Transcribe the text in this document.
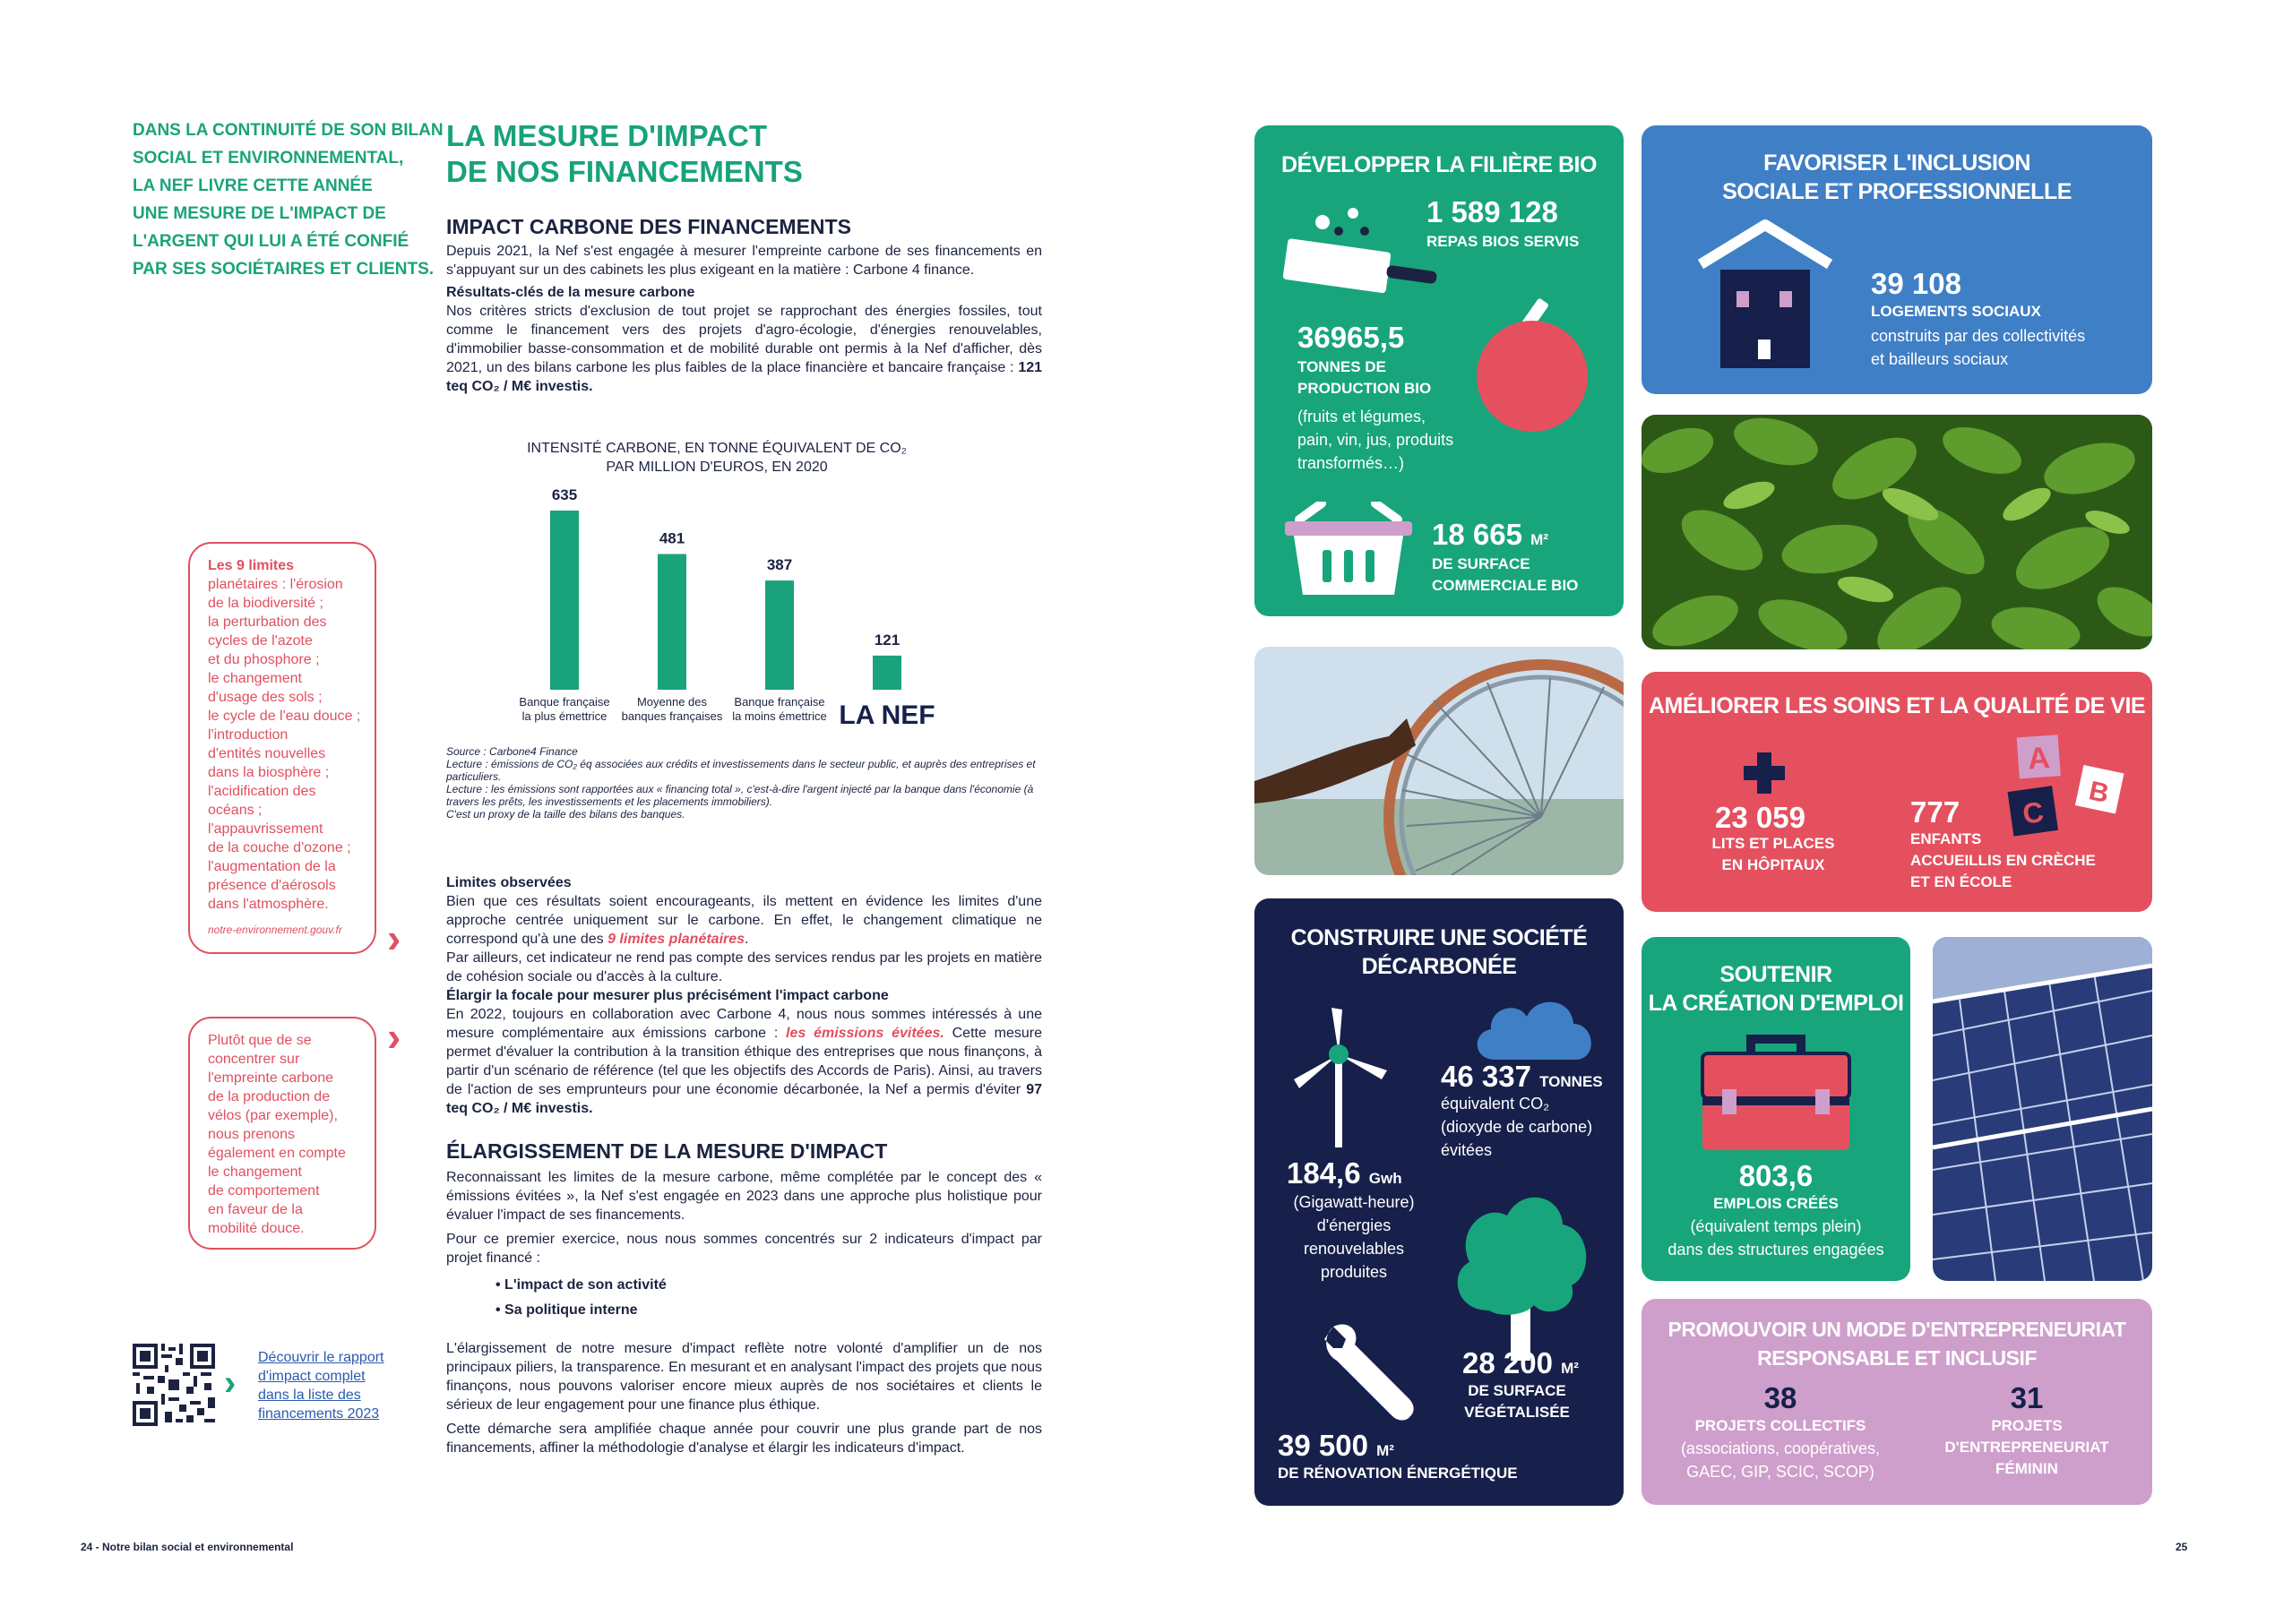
DANS LA CONTINUITÉ DE SON BILAN
SOCIAL ET ENVIRONNEMENTAL,
LA NEF LIVRE CETTE ANNÉE
UNE MESURE DE L'IMPACT DE
L'ARGENT QUI LUI A ÉTÉ CONFIÉ
PAR SES SOCIÉTAIRES ET CLIENTS.
LA MESURE D'IMPACT
DE NOS FINANCEMENTS
IMPACT CARBONE DES FINANCEMENTS

Depuis 2021, la Nef s'est engagée à mesurer l'empreinte carbone de ses financements en s'appuyant sur un des cabinets les plus exigeant en la matière : Carbone 4 finance.

Résultats-clés de la mesure carbone

Nos critères stricts d'exclusion de tout projet se rapprochant des énergies fossiles, tout comme le financement vers des projets d'agro-écologie, d'énergies renouvelables, d'immobilier basse-consommation et de mobilité durable ont permis à la Nef d'afficher, dès 2021, un des bilans carbone les plus faibles de la place financière et bancaire française : 121 teq CO₂ / M€ investis.

INTENSITÉ CARBONE, EN TONNE ÉQUIVALENT DE CO₂
PAR MILLION D'EUROS, EN 2020
635
Banque française
la plus émettrice
481
Moyenne des
banques françaises
387
Banque française
la moins émettrice
121
LA NEF
Source : Carbone4 Finance
Lecture : émissions de CO₂ éq associées aux crédits et investissements dans le secteur public, et auprès des entreprises et particuliers.
Lecture : les émissions sont rapportées aux « financing total », c'est-à-dire l'argent injecté par la banque dans l'économie (à travers les prêts, les investissements et les placements immobiliers).
C'est un proxy de la taille des bilans des banques.
Limites observées

Bien que ces résultats soient encourageants, ils mettent en évidence les limites d'une approche centrée uniquement sur le carbone. En effet, le changement climatique ne correspond qu'à une des 9 limites planétaires.

Par ailleurs, cet indicateur ne rend pas compte des services rendus par les projets en matière de cohésion sociale ou d'accès à la culture.

Élargir la focale pour mesurer plus précisément l'impact carbone

En 2022, toujours en collaboration avec Carbone 4, nous nous sommes intéressés à une mesure complémentaire aux émissions carbone : les émissions évitées. Cette mesure permet d'évaluer la contribution à la transition éthique des entreprises que nous finançons, à partir d'un scénario de référence (tel que les objectifs des Accords de Paris). Ainsi, au travers de l'action de ses emprunteurs pour une économie décarbonée, la Nef a permis d'éviter 97 teq CO₂ / M€ investis.

ÉLARGISSEMENT DE LA MESURE D'IMPACT

Reconnaissant les limites de la mesure carbone, même complétée par le concept des « émissions évitées », la Nef s'est engagée en 2023 dans une approche plus holistique pour évaluer l'impact de ses financements.

Pour ce premier exercice, nous nous sommes concentrés sur 2 indicateurs d'impact par projet financé :

• L'impact de son activité
• Sa politique interne

L'élargissement de notre mesure d'impact reflète notre volonté d'amplifier un de nos principaux piliers, la transparence. En mesurant et en analysant l'impact des projets que nous finançons, nous pouvons valoriser encore mieux auprès de nos sociétaires et clients le sérieux de leur engagement pour une finance plus éthique.

Cette démarche sera amplifiée chaque année pour couvrir une plus grande part de nos financements, affiner la méthodologie d'analyse et élargir les indicateurs d'impact.

Les 9 limites
planétaires : l'érosion
de la biodiversité ;
la perturbation des
cycles de l'azote
et du phosphore ;
le changement
d'usage des sols ;
le cycle de l'eau douce ;
l'introduction
d'entités nouvelles
dans la biosphère ;
l'acidification des
océans ;
l'appauvrissement
de la couche d'ozone ;
l'augmentation de la
présence d'aérosols
dans l'atmosphère.
notre-environnement.gouv.fr	›
Plutôt que de se
concentrer sur
l'empreinte carbone
de la production de
vélos (par exemple),
nous prenons
également en compte
le changement
de comportement
en faveur de la
mobilité douce.
›
›
Découvrir le rapport
d'impact complet
dans la liste des
financements 2023
24 - Notre bilan social et environnemental	25
DÉVELOPPER LA FILIÈRE BIO
1 589 128
REPAS BIOS SERVIS
36965,5
TONNES DE
PRODUCTION BIO
(fruits et légumes,
pain, vin, jus, produits
transformés…)
18 665 M²
DE SURFACE
COMMERCIALE BIO
FAVORISER L'INCLUSION
SOCIALE ET PROFESSIONNELLE
39 108
LOGEMENTS SOCIAUX
construits par des collectivités
et bailleurs sociaux
AMÉLIORER LES SOINS ET LA QUALITÉ DE VIE
23 059
LITS ET PLACES
EN HÔPITAUX
777
ENFANTS
ACCUEILLIS EN CRÈCHE
ET EN ÉCOLE
A
B
C
CONSTRUIRE UNE SOCIÉTÉ
DÉCARBONÉE
46 337 TONNES
équivalent CO₂
(dioxyde de carbone)
évitées
184,6 Gwh
(Gigawatt-heure)
d'énergies
renouvelables
produites
28 200 M²
DE SURFACE
VÉGÉTALISÉE
39 500 M²
DE RÉNOVATION ÉNERGÉTIQUE
SOUTENIR
LA CRÉATION D'EMPLOI
803,6
EMPLOIS CRÉÉS
(équivalent temps plein)
dans des structures engagées
PROMOUVOIR UN MODE D'ENTREPRENEURIAT
RESPONSABLE ET INCLUSIF
38
PROJETS COLLECTIFS
(associations, coopératives,
GAEC, GIP, SCIC, SCOP)
31
PROJETS
D'ENTREPRENEURIAT
FÉMININ
